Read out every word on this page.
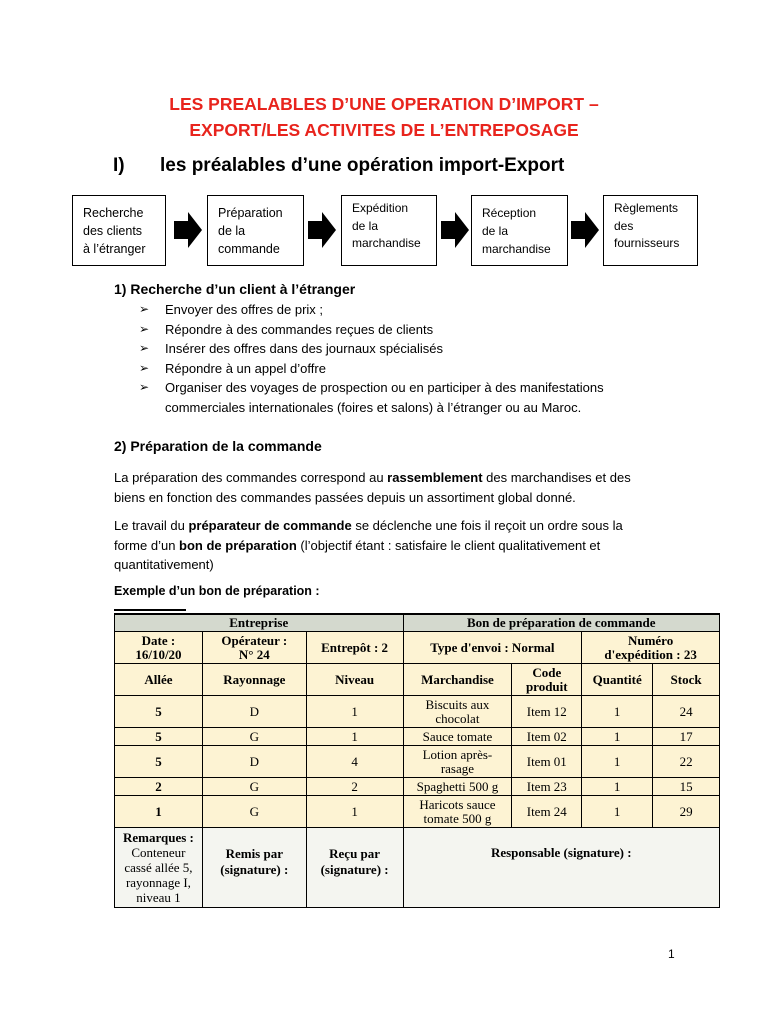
LES PREALABLES D’UNE OPERATION D’IMPORT –
EXPORT/LES ACTIVITES DE L’ENTREPOSAGE
I) les préalables d’une opération import-Export
Recherche
des clients
à l’étranger
Préparation
de la
commande
Expédition
de la
marchandise
Réception
de la
marchandise
Règlements
des
fournisseurs
1) Recherche d’un client à l’étranger
➢ Envoyer des offres de prix ;
➢ Répondre à des commandes reçues de clients
➢ Insérer des offres dans des journaux spécialisés
➢ Répondre à un appel d’offre
➢ Organiser des voyages de prospection ou en participer à des manifestations
commerciales internationales (foires et salons) à l’étranger ou au Maroc.
2) Préparation de la commande
La préparation des commandes correspond au rassemblement des marchandises et des
biens en fonction des commandes passées depuis un assortiment global donné.
Le travail du préparateur de commande se déclenche une fois il reçoit un ordre sous la
forme d’un bon de préparation (l’objectif étant : satisfaire le client qualitativement et
quantitativement)
Exemple d’un bon de préparation :
Entreprise			Bon de préparation de commande			
Date :
16/10/20	Opérateur :
N° 24	Entrepôt : 2	Type d'envoi : Normal		Numéro
d'expédition : 23	
Allée	Rayonnage	Niveau	Marchandise	Code
produit	Quantité	Stock
5	D	1	Biscuits aux
chocolat	Item 12	1	24
5	G	1	Sauce tomate	Item 02	1	17
5	D	4	Lotion après-
rasage	Item 01	1	22
2	G	2	Spaghetti 500 g	Item 23	1	15
1	G	1	Haricots sauce
tomate 500 g	Item 24	1	29
Remarques :
Conteneur
cassé allée 5,
rayonnage I,
niveau 1	Remis par
(signature) :	Reçu par
(signature) :	Responsable (signature) :			
1
